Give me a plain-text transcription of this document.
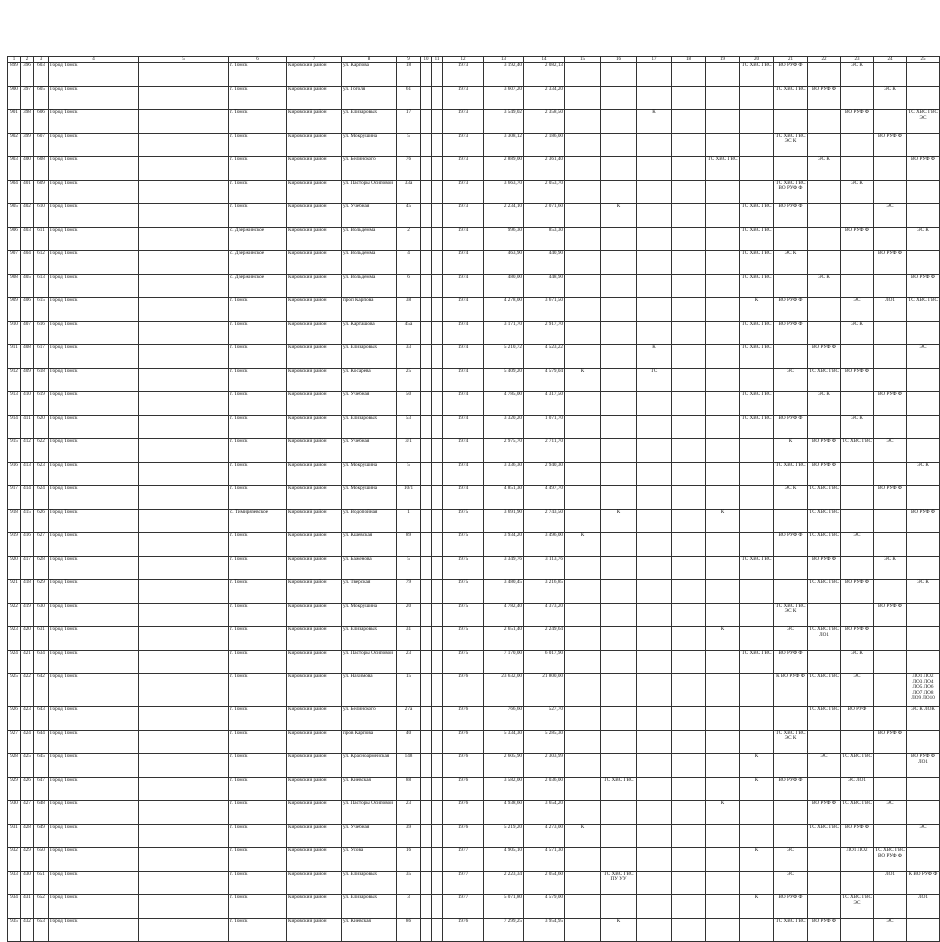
1	2	3	4	5	6	7	8	9	10	11	12	13	14	15	16	17	18	19	20	21	22	23	24	25
899	396	603	Город Томск		г. Томск	Кировский район	ул. Карпова	18			1973	3 192,40	2 082,13						ТС ХВС ГВС	ВО РУФ Ф		ЭС К		
900	397	605	Город Томск		г. Томск	Кировский район	ул. Гоголя	61			1973	3 607,20	2 334,20							ТС ХВС ГВС	ВО РУФ Ф		ЭС К	
901	398	606	Город Томск		г. Томск	Кировский район	ул. Елизаровых	17			1973	3 549,02	2 358,50			К						ВО РУФ Ф		ТС ХВС ГВС ЭС
902	399	607	Город Томск		г. Томск	Кировский район	ул. Мокрушина	5			1973	3 308,12	2 186,00							ТС ХВС ГВС ЭС К			ВО РУФ Ф	
903	400	608	Город Томск		г. Томск	Кировский район	ул. Белинского	76			1973	2 889,00	2 361,40					ТС ХВС ГВС			ЭС К			ВО РУФ Ф
904	401	609	Город Томск		г. Томск	Кировский район	ул. Пасторы Осиповой	33а			1973	3 663,70	2 053,70							ТС ХВС ГВС ВО РУФ Ф		ЭС К		
905	402	610	Город Томск		г. Томск	Кировский район	ул. Учебная	45			1973	2 234,10	2 071,60		К				ТС ХВС ГВС	ВО РУФ Ф			ЭС	
906	403	611	Город Томск		с. Дзержинское	Кировский район	ул. Вольдемма	2			1974	996,30	853,30						ТС ХВС ГВС			ВО РУФ Ф		ЭС К
907	404	612	Город Томск		с. Дзержинское	Кировский район	ул. Вольдемма	4			1974	463,90	440,90						ТС ХВС ГВС	ЭС К			ВО РУФ Ф	
908	405	613	Город Томск		с. Дзержинское	Кировский район	ул. Вольдемма	6			1974	480,00	448,90						ТС ХВС ГВС		ЭС К			ВО РУФ Ф
909	406	615	Город Томск		г. Томск	Кировский район	проп Карпова	38			1974	4 278,00	3 671,50						К	ВО РУФ Ф		ЭС	ЛО1	ТС ХВС ГВС
910	407	616	Город Томск		г. Томск	Кировский район	ул. Карташова	45а			1974	3 171,70	2 917,70						ТС ХВС ГВС	ВО РУФ Ф		ЭС К		
911	408	617	Город Томск		г. Томск	Кировский район	ул. Елизаровых	33			1974	5 210,72	4 523,22			К			ТС ХВС ГВС		ВО РУФ Ф			ЭС
912	409	618	Город Томск		г. Томск	Кировский район	ул. Косарева	25			1974	5 409,20	4 579,04	К		ТС				ЭС	ТС ХВС ГВС	ВО РУФ Ф		
913	410	619	Город Томск		г. Томск	Кировский район	ул. Учебная	50			1974	4 785,00	4 317,50						ТС ХВС ГВС		ЭС К		ВО РУФ Ф	
914	411	620	Город Томск		г. Томск	Кировский район	ул. Елизаровых	53			1974	3 320,20	1 071,70						ТС ХВС ГВС	ВО РУФ Ф		ЭС К		
915	412	622	Город Томск		г. Томск	Кировский район	ул. Учебная	3/1			1974	2 975,70	2 711,70							К	ВО РУФ Ф	ТС ХВС ГВС	ЭС	
916	413	623	Город Томск		г. Томск	Кировский район	ул. Мокрушина	5			1974	3 336,30	2 940,30							ТС ХВС ГВС	ВО РУФ Ф			ЭС К
917	414	624	Город Томск		г. Томск	Кировский район	ул. Мокрушина	10/1			1974	4 851,30	4 497,70							ЭС К	ТС ХВС ГВС		ВО РУФ Ф	
918	415	626	Город Томск		с. Тимирязевское	Кировский район	ул. Водопойная	1			1975	3 691,90	2 743,50		К			К			ТС ХВС ГВС			ВО РУФ Ф
919	416	627	Город Томск		г. Томск	Кировский район	ул. Кшевская	89			1975	3 934,20	3 496,00	К						ВО РУФ Ф	ТС ХВС ГВС	ЭС		
920	417	628	Город Томск		г. Томск	Кировский район	ул. Баженова	5			1975	3 349,76	3 113,76						ТС ХВС ГВС		ВО РУФ Ф		ЭС К	
921	418	629	Город Томск		г. Томск	Кировский район	ул. Тверская	79			1975	3 480,45	3 216,85								ТС ХВС ГВС	ВО РУФ Ф		ЭС К
922	419	630	Город Томск		г. Томск	Кировский район	ул. Мокрушина	20			1975	4 782,40	4 373,20							ТС ХВС ГВС ЭС К			ВО РУФ Ф	
923	420	631	Город Томск		г. Томск	Кировский район	ул. Елизаровых	31			1975	2 651,40	2 249,64					К		ЭС	ТС ХВС ГВС ЛО1	ВО РУФ Ф		
924	421	634	Город Томск		г. Томск	Кировский район	ул. Пасторы Осиповой	23			1975	7 170,00	6 017,90						ТС ХВС ГВС	ВО РУФ Ф		ЭС К		
925	422	642	Город Томск		г. Томск	Кировский район	ул. Нахимова	15			1976	23 632,00	21 800,00							К ВО РУФ Ф	ТС ХВС ГВС	ЭС		ЛО1 ЛО2 ЛО3 ЛО4 ЛО5 ЛО6 ЛО7 ЛО8 ЛО9 ЛО10
926	423	643	Город Томск		г. Томск	Кировский район	ул. Белинского	27а			1976	766,60	527,70								ТС ХВС ГВС	ВО РУФ		ЭС К ЛОК
927	424	644	Город Томск		г. Томск	Кировский район	пров Карпова	40			1976	5 334,30	5 285,30							ТС ХВС ГВС ЭС К			ВО РУФ Ф	
928	425	645	Город Томск		г. Томск	Кировский район	ул. Красноармейская	148			1976	2 605,90	2 303,99						К		ЭС	ТС ХВС ГВС		ВО РУФ Ф ЛО1
929	426	647	Город Томск		г. Томск	Кировский район	ул. Киевская	88			1976	3 582,00	2 036,00		ТС ХВС ГВС				К	ВО РУФ Ф		ЭС ЛО1		
930	427	648	Город Томск		г. Томск	Кировский район	ул. Пасторы Осиповой	23			1976	4 938,60	3 654,20					К			ВО РУФ Ф	ТС ХВС ГВС	ЭС	
931	428	649	Город Томск		г. Томск	Кировский район	ул. Учебная	39			1976	5 219,20	4 273,00	К							ТС ХВС ГВС	ВО РУФ Ф		ЭС
932	429	650	Город Томск		г. Томск	Кировский район	ул. Усова	16			1977	4 905,10	4 571,30						К	ЭС		ЛО1 ЛО2	ТС ХВС ГВС ВО РУФ Ф	
933	430	651	Город Томск		г. Томск	Кировский район	ул. Елизаровых	35			1977	2 223,34	2 054,60		ТС ХВС ГВС ПУ УУ					ЭС			ЛО1	К ВО РУФ Ф
934	431	652	Город Томск		г. Томск	Кировский район	ул. Елизаровых	3			1977	5 071,80	4 579,00						К	ВО РУФ Ф		ТС ХВС ГВС ЭС		ЛО1
935	432	653	Город Томск		г. Томск	Кировский район	ул. Киевская	86			1976	7 299,25	3 954,95		К					ТС ХВС ГВС	ВО РУФ Ф		ЭС	
